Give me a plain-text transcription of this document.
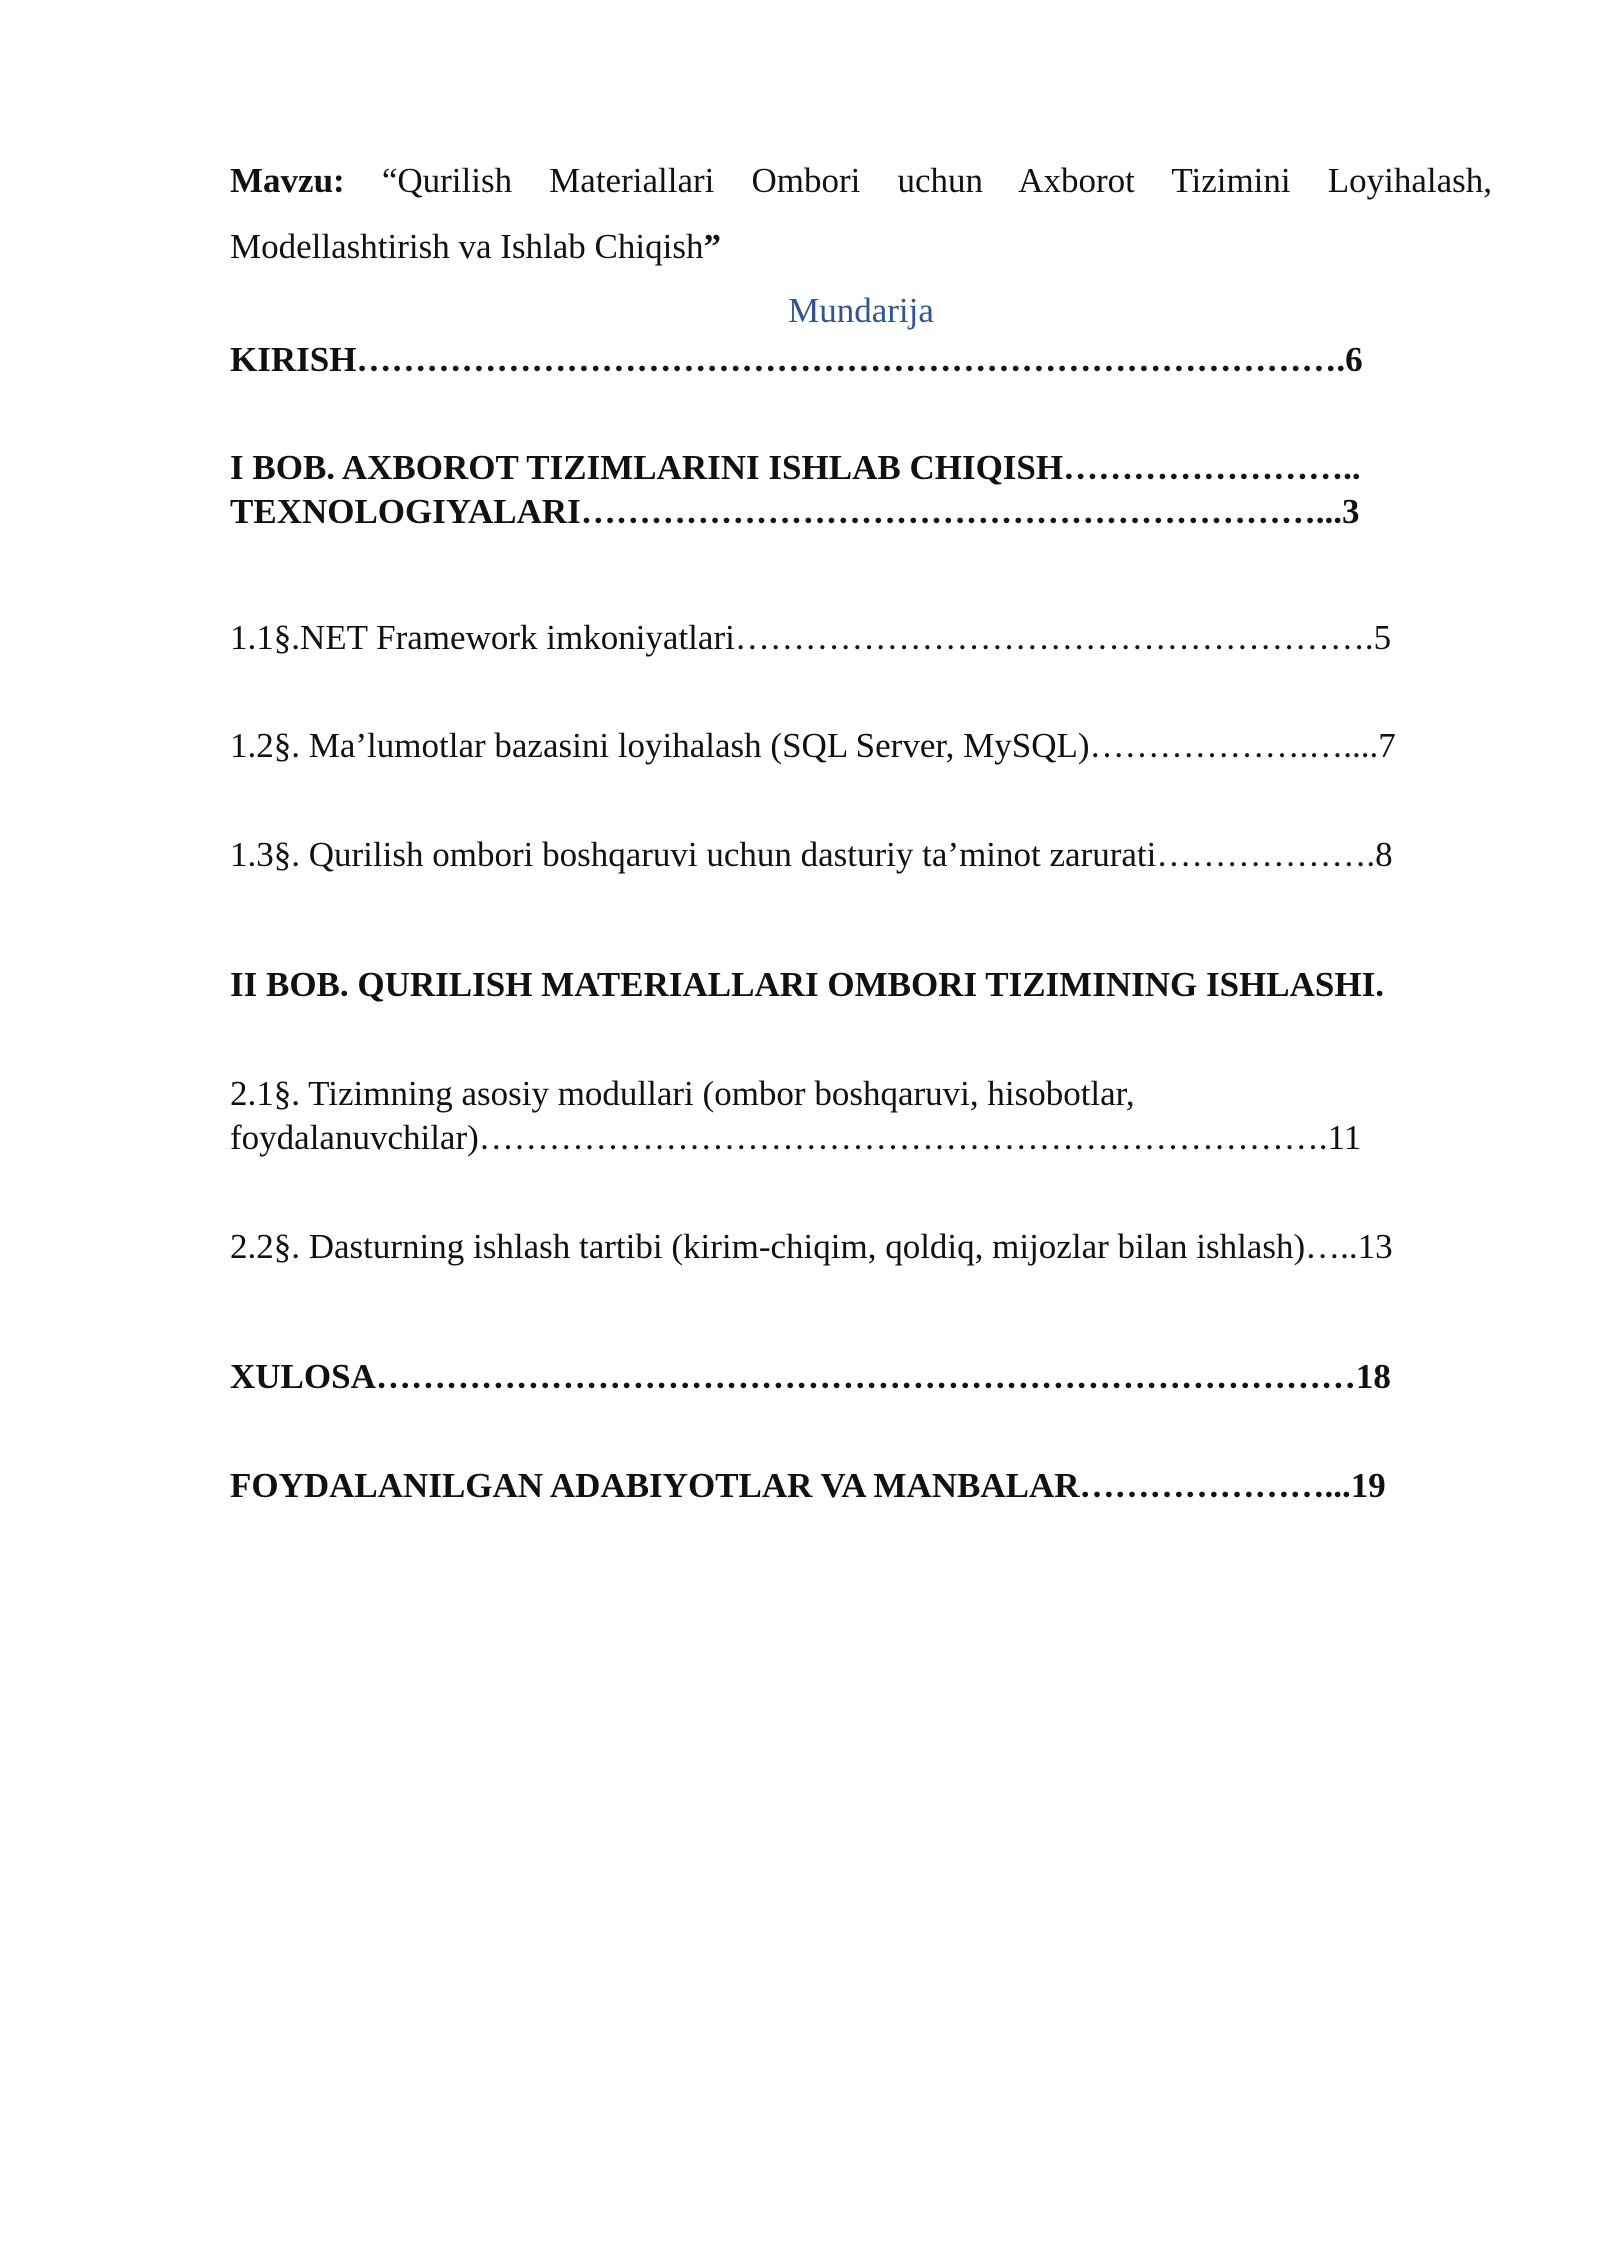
Mavzu: “Qurilish Materiallari Ombori uchun Axborot Tizimini Loyihalash, Modellashtirish va Ishlab Chiqish”
Mundarija
KIRISH………………………………………………………………………….6
I BOB. AXBOROT TIZIMLARINI ISHLAB CHIQISH……………………..
TEXNOLOGIYALARI………………………………………………………...3
1.1§.NET Framework imkoniyatlari……………………………………………….5
1.2§. Ma’lumotlar bazasini loyihalash (SQL Server, MySQL)……………….…....7
1.3§. Qurilish ombori boshqaruvi uchun dasturiy ta’minot zarurati……………….8
II BOB. QURILISH MATERIALLARI OMBORI TIZIMINING ISHLASHI.
2.1§. Tizimning asosiy modullari (ombor boshqaruvi, hisobotlar,
foydalanuvchilar)……………………………………………………………….11
2.2§. Dasturning ishlash tartibi (kirim-chiqim, qoldiq, mijozlar bilan ishlash)…..13
XULOSA…………………………………………………………………………18
FOYDALANILGAN ADABIYOTLAR VA MANBALAR…………………...19
